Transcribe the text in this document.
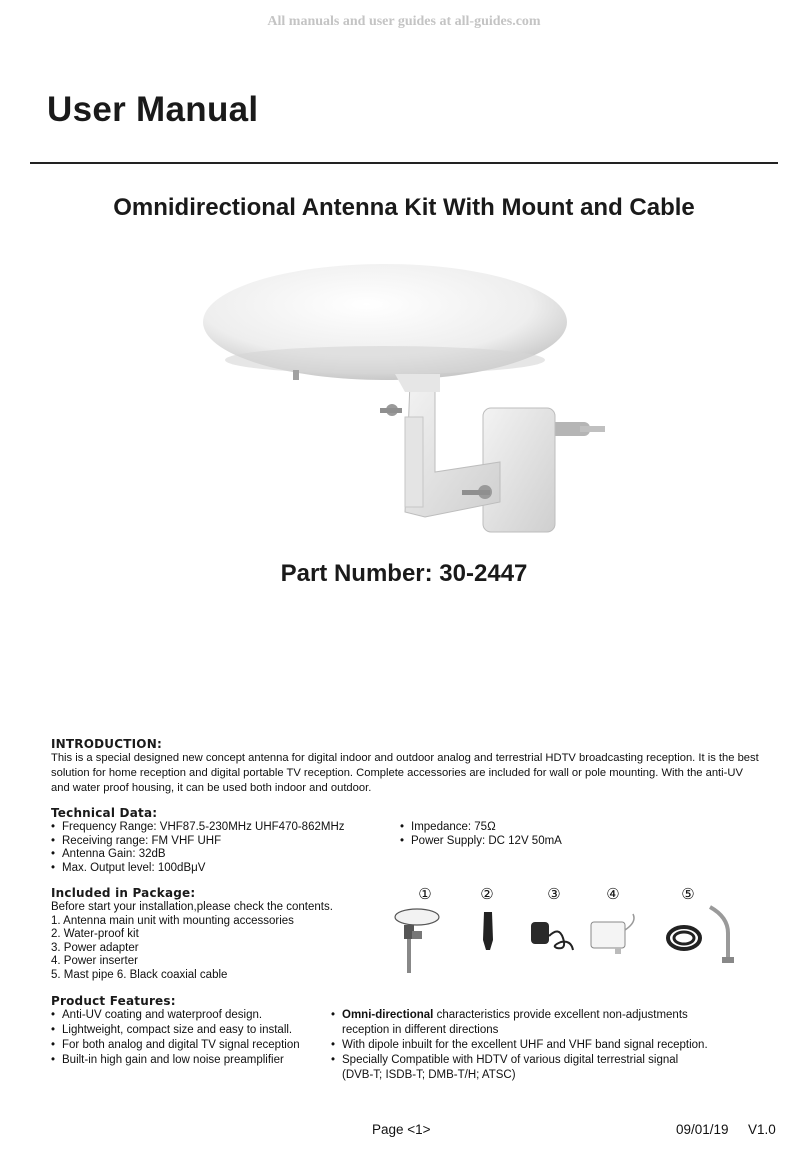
All manuals and user guides at all-guides.com
User Manual
Omnidirectional Antenna Kit With Mount and Cable
Part Number: 30-2447
INTRODUCTION:
This is a special designed new concept antenna for digital indoor and outdoor analog and terrestrial HDTV broadcasting reception. It is the best solution for home reception and digital portable TV reception. Complete accessories are included for wall or pole mounting. With the anti-UV and water proof housing, it can be used both indoor and outdoor.
Technical Data:
• Frequency Range: VHF87.5-230MHz UHF470-862MHz
• Receiving range: FM VHF UHF
• Antenna Gain: 32dB
• Max. Output level: 100dBμV
• Impedance: 75Ω
• Power Supply: DC 12V 50mA
Included in Package:
Before start your installation,please check the contents.
1. Antenna main unit with mounting accessories
2. Water-proof kit
3. Power adapter
4. Power inserter
5. Mast pipe 6. Black coaxial cable
①	②	③	④	⑤
Product Features:
• Anti-UV coating and waterproof design.
• Lightweight, compact size and easy to install.
• For both analog and digital TV signal reception
• Built-in high gain and low noise preamplifier
• Omni-directional characteristics provide excellent non-adjustments
reception in different directions
• With dipole inbuilt for the excellent UHF and VHF band signal reception.
• Specially Compatible with HDTV of various digital terrestrial signal
(DVB-T; ISDB-T; DMB-T/H; ATSC)
Page <1>	09/01/19 V1.0
